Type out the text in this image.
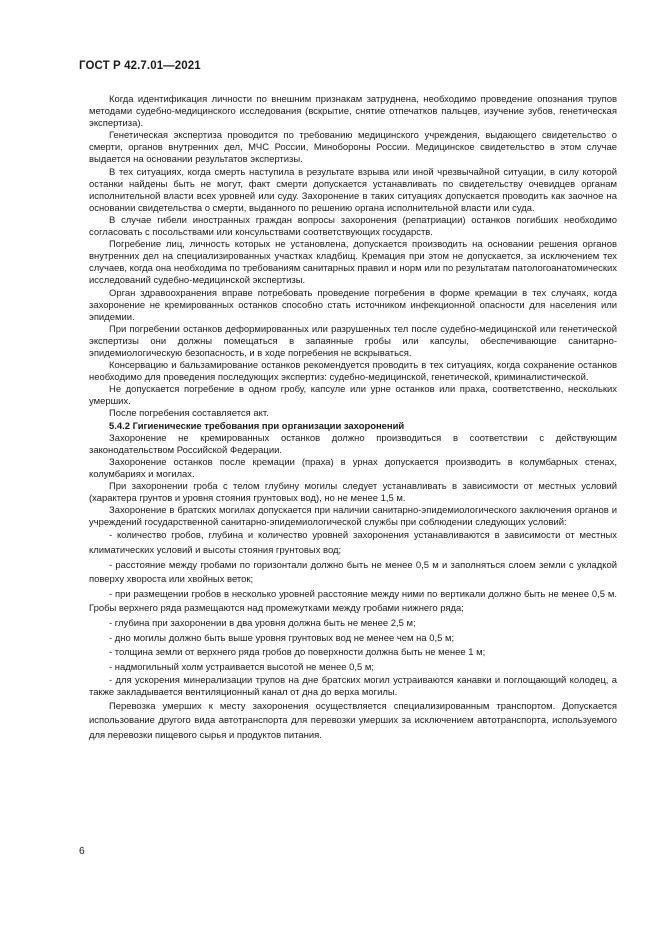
ГОСТ Р 42.7.01—2021

Когда идентификация личности по внешним признакам затруднена, необходимо проведение опознания трупов методами судебно-медицинского исследования (вскрытие, снятие отпечатков пальцев, изучение зубов, генетическая экспертиза).

Генетическая экспертиза проводится по требованию медицинского учреждения, выдающего свидетельство о смерти, органов внутренних дел, МЧС России, Минобороны России. Медицинское свидетельство в этом случае выдается на основании результатов экспертизы.

В тех ситуациях, когда смерть наступила в результате взрыва или иной чрезвычайной ситуации, в силу которой останки найдены быть не могут, факт смерти допускается устанавливать по свидетельству очевидцев органам исполнительной власти всех уровней или суду. Захоронение в таких ситуациях допускается проводить как заочное на основании свидетельства о смерти, выданного по решению органа исполнительной власти или суда.

В случае гибели иностранных граждан вопросы захоронения (репатриации) останков погибших необходимо согласовать с посольствами или консульствами соответствующих государств.

Погребение лиц, личность которых не установлена, допускается производить на основании решения органов внутренних дел на специализированных участках кладбищ. Кремация при этом не допускается, за исключением тех случаев, когда она необходима по требованиям санитарных правил и норм или по результатам патологоанатомических исследований судебно-медицинской экспертизы.

Орган здравоохранения вправе потребовать проведение погребения в форме кремации в тех случаях, когда захоронение не кремированных останков способно стать источником инфекционной опасности для населения или эпидемии.

При погребении останков деформированных или разрушенных тел после судебно-медицинской или генетической экспертизы они должны помещаться в запаянные гробы или капсулы, обеспечивающие санитарно-эпидемиологическую безопасность, и в ходе погребения не вскрываться.

Консервацию и бальзамирование останков рекомендуется проводить в тех ситуациях, когда сохранение останков необходимо для проведения последующих экспертиз: судебно-медицинской, генетической, криминалистической.

Не допускается погребение в одном гробу, капсуле или урне останков или праха, соответственно, нескольких умерших.

После погребения составляется акт.

5.4.2 Гигиенические требования при организации захоронений

Захоронение не кремированных останков должно производиться в соответствии с действующим законодательством Российской Федерации.

Захоронение останков после кремации (праха) в урнах допускается производить в колумбарных стенах, колумбариях и могилах.

При захоронении гроба с телом глубину могилы следует устанавливать в зависимости от местных условий (характера грунтов и уровня стояния грунтовых вод), но не менее 1,5 м.

Захоронение в братских могилах допускается при наличии санитарно-эпидемиологического заключения органов и учреждений государственной санитарно-эпидемиологической службы при соблюдении следующих условий:

- количество гробов, глубина и количество уровней захоронения устанавливаются в зависимости от местных климатических условий и высоты стояния грунтовых вод;

- расстояние между гробами по горизонтали должно быть не менее 0,5 м и заполняться слоем земли с укладкой поверху хвороста или хвойных веток;

- при размещении гробов в несколько уровней расстояние между ними по вертикали должно быть не менее 0,5 м. Гробы верхнего ряда размещаются над промежутками между гробами нижнего ряда;

- глубина при захоронении в два уровня должна быть не менее 2,5 м;

- дно могилы должно быть выше уровня грунтовых вод не менее чем на 0,5 м;

- толщина земли от верхнего ряда гробов до поверхности должна быть не менее 1 м;

- надмогильный холм устраивается высотой не менее 0,5 м;

- для ускорения минерализации трупов на дне братских могил устраиваются канавки и поглощающий колодец, а также закладывается вентиляционный канал от дна до верха могилы.

Перевозка умерших к месту захоронения осуществляется специализированным транспортом. Допускается использование другого вида автотранспорта для перевозки умерших за исключением автотранспорта, используемого для перевозки пищевого сырья и продуктов питания.

6
